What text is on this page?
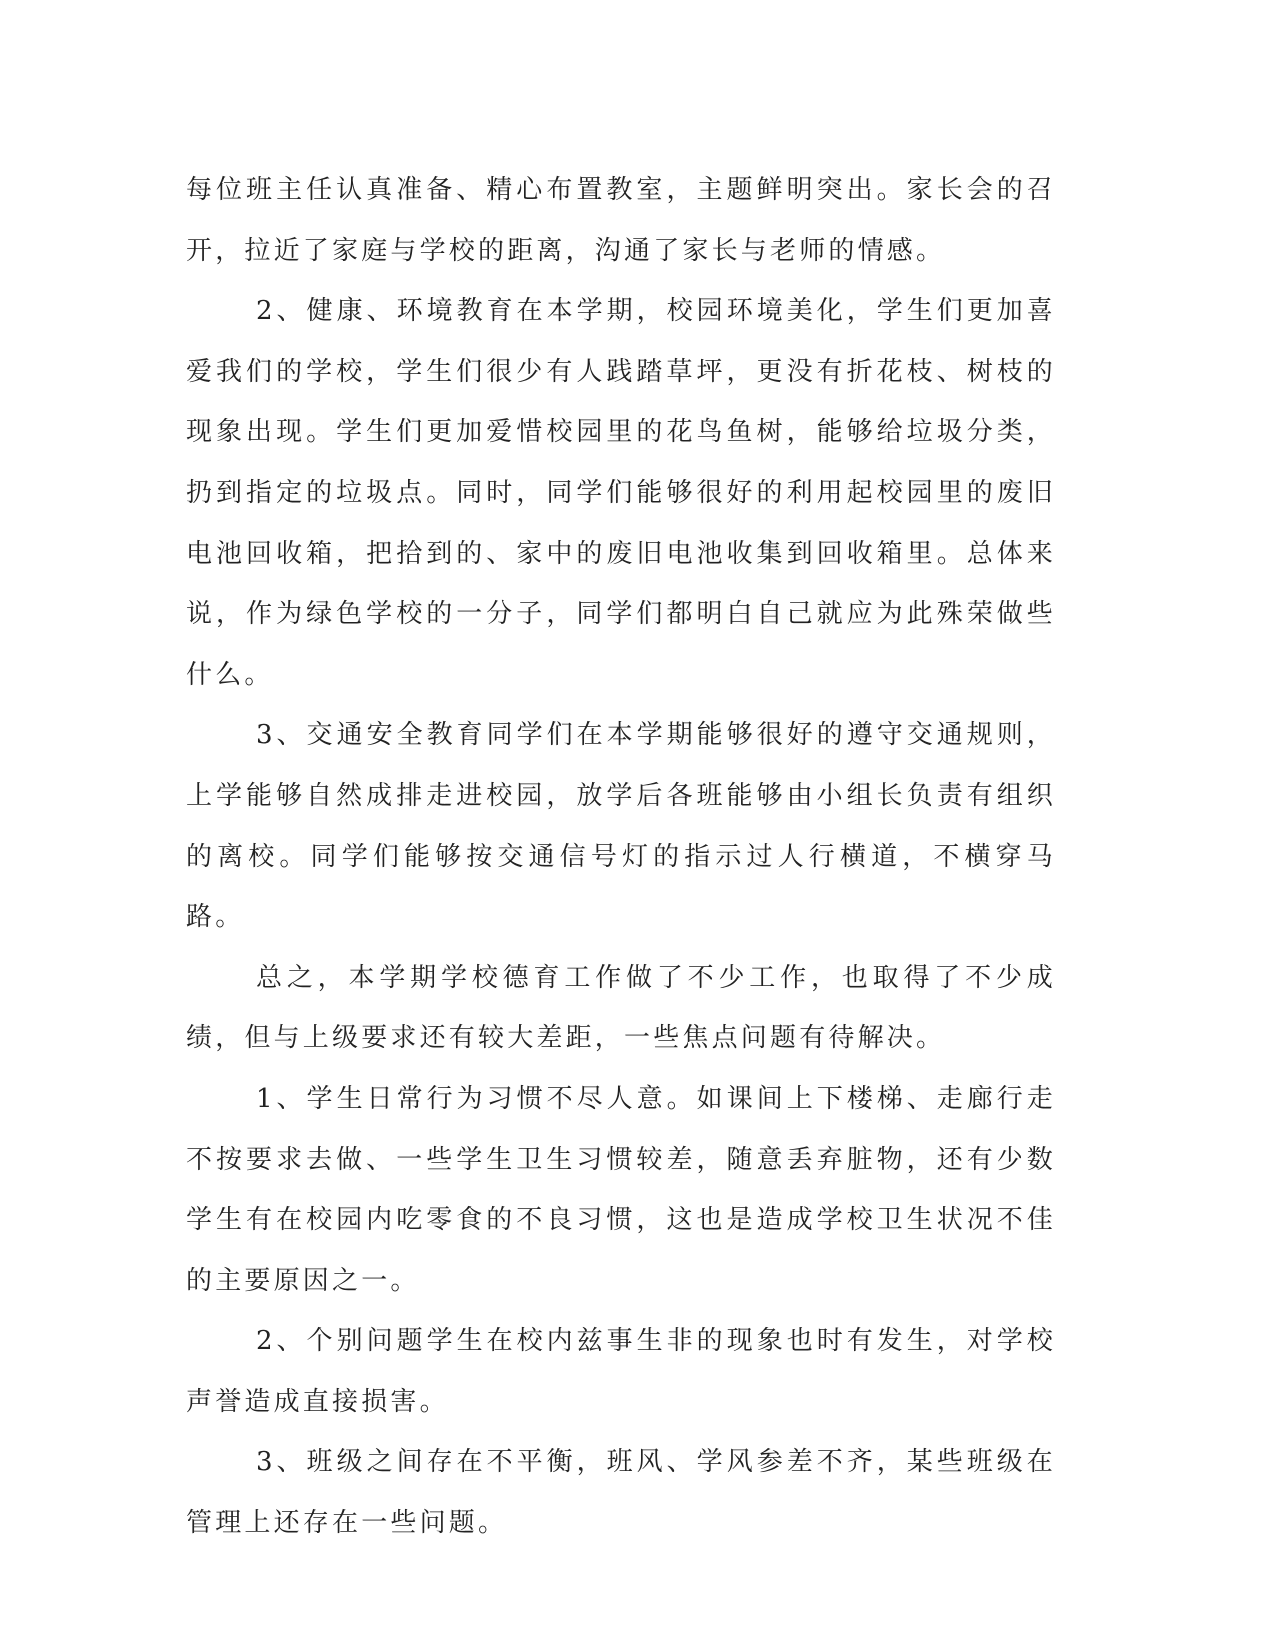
每位班主任认真准备、精心布置教室，主题鲜明突出。家长会的召开，拉近了家庭与学校的距离，沟通了家长与老师的情感。

2、健康、环境教育在本学期，校园环境美化，学生们更加喜爱我们的学校，学生们很少有人践踏草坪，更没有折花枝、树枝的现象出现。学生们更加爱惜校园里的花鸟鱼树，能够给垃圾分类，扔到指定的垃圾点。同时，同学们能够很好的利用起校园里的废旧电池回收箱，把拾到的、家中的废旧电池收集到回收箱里。总体来说，作为绿色学校的一分子，同学们都明白自己就应为此殊荣做些什么。

3、交通安全教育同学们在本学期能够很好的遵守交通规则，上学能够自然成排走进校园，放学后各班能够由小组长负责有组织的离校。同学们能够按交通信号灯的指示过人行横道，不横穿马路。

总之，本学期学校德育工作做了不少工作，也取得了不少成绩，但与上级要求还有较大差距，一些焦点问题有待解决。

1、学生日常行为习惯不尽人意。如课间上下楼梯、走廊行走不按要求去做、一些学生卫生习惯较差，随意丢弃脏物，还有少数学生有在校园内吃零食的不良习惯，这也是造成学校卫生状况不佳的主要原因之一。

2、个别问题学生在校内兹事生非的现象也时有发生，对学校声誉造成直接损害。

3、班级之间存在不平衡，班风、学风参差不齐，某些班级在管理上还存在一些问题。
